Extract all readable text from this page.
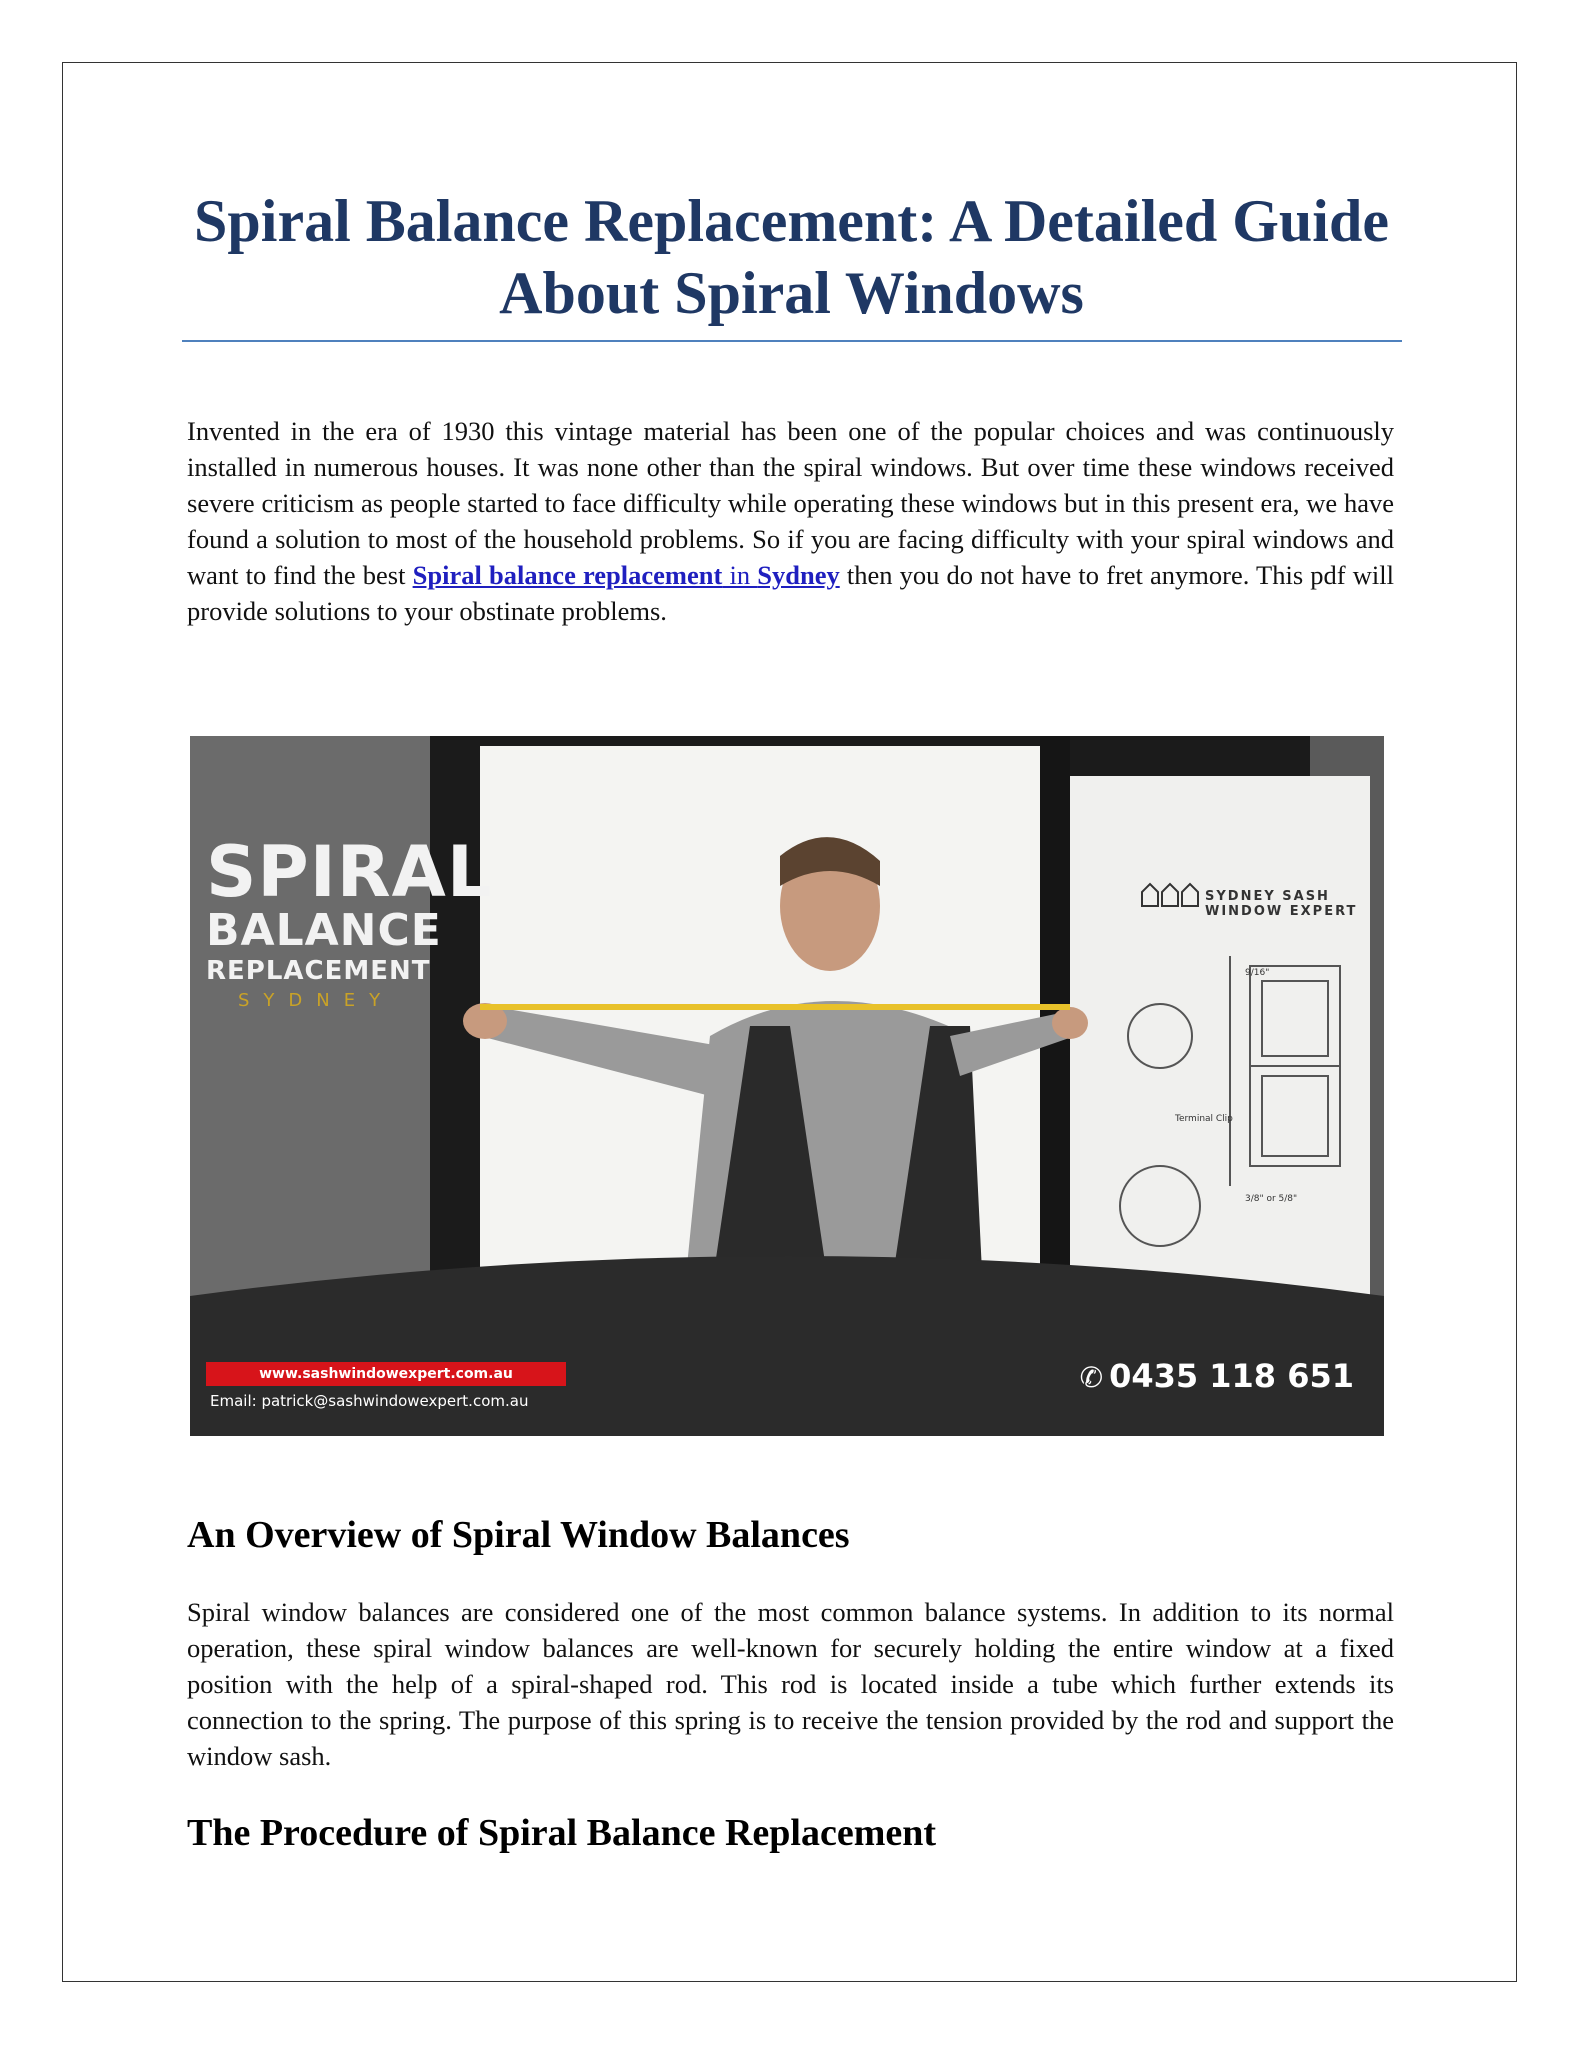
Spiral Balance Replacement: A Detailed Guide About Spiral Windows

Invented in the era of 1930 this vintage material has been one of the popular choices and was continuously installed in numerous houses. It was none other than the spiral windows. But over time these windows received severe criticism as people started to face difficulty while operating these windows but in this present era, we have found a solution to most of the household problems. So if you are facing difficulty with your spiral windows and want to find the best Spiral balance replacement in Sydney then you do not have to fret anymore. This pdf will provide solutions to your obstinate problems.

SPIRAL

BALANCE

REPLACEMENT

SYDNEY

SYDNEY SASH
WINDOW EXPERT
9/16"
Terminal Clip
3/8" or 5/8"
www.sashwindowexpert.com.au
Email: patrick@sashwindowexpert.com.au
✆ 0435 118 651
An Overview of Spiral Window Balances

Spiral window balances are considered one of the most common balance systems. In addition to its normal operation, these spiral window balances are well-known for securely holding the entire window at a fixed position with the help of a spiral-shaped rod. This rod is located inside a tube which further extends its connection to the spring. The purpose of this spring is to receive the tension provided by the rod and support the window sash.

The Procedure of Spiral Balance Replacement
